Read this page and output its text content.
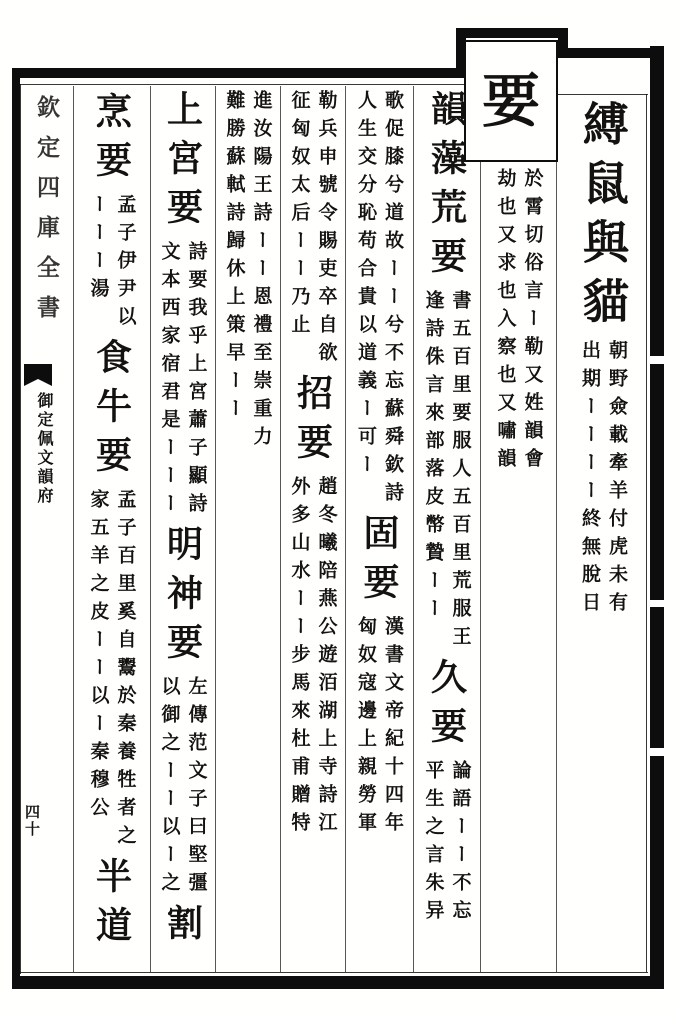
要
欽定四庫全書
御定佩文韻府
四十
縛鼠與貓
朝野僉載牽羊付虎未有
出期ーーーー終無脫日
於霄切俗言ー勒又姓韻會
劫也又求也入察也又嘯韻
韻藻荒要
書五百里要服人五百里荒服王
逢詩侏言來部落皮幣贄ーー
久要
論語ーー不忘
平生之言朱异
歌促膝兮道故ーー兮不忘蘇舜欽詩
人生交分恥苟合貴以道義ー可ー
固要
漢書文帝紀十四年
匈奴寇邊上親勞軍
勒兵申號令賜吏卒自欲
征匈奴太后ーー乃止
招要
趙冬曦陪燕公遊洦湖上寺詩江
外多山水ーー步馬來杜甫贈特
進汝陽王詩ーー恩禮至崇重力
難勝蘇軾詩歸休上策早ーー
上宮要
詩要我乎上宮蕭子顯詩
文本西家宿君是ーーー
明神要
左傳范文子曰堅彊
以御之ーー以ー之
割
烹要
孟子伊尹以
ーーー湯
食牛要
孟子百里奚自鬻於秦養牲者之
家五羊之皮ーー以ー秦穆公
半道
